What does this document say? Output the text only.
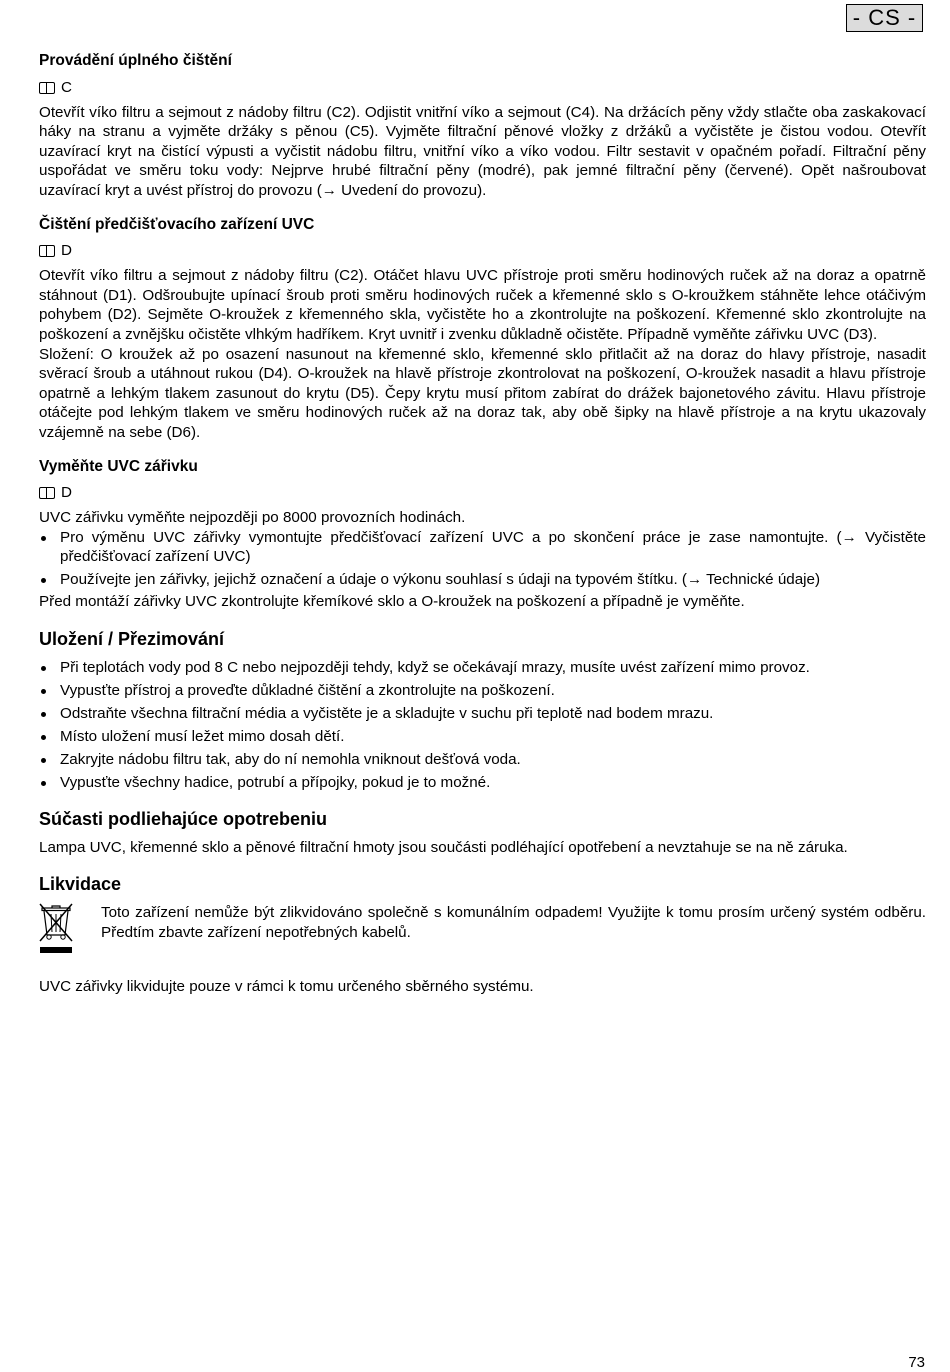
- CS -
Provádění úplného čištění
C

Otevřít víko filtru a sejmout z nádoby filtru (C2). Odjistit vnitřní víko a sejmout (C4). Na držácích pěny vždy stlačte oba zaskakovací háky na stranu a vyjměte držáky s pěnou (C5). Vyjměte filtrační pěnové vložky z držáků a vyčistěte je čistou vodou. Otevřít uzavírací kryt na čistící výpusti a vyčistit nádobu filtru, vnitřní víko a víko vodou. Filtr sestavit v opačném pořadí. Filtrační pěny uspořádat ve směru toku vody: Nejprve hrubé filtrační pěny (modré), pak jemné filtrační pěny (červené). Opět našroubovat uzavírací kryt a uvést přístroj do provozu (→ Uvedení do provozu).

Čištění předčišťovacího zařízení UVC
D

Otevřít víko filtru a sejmout z nádoby filtru (C2). Otáčet hlavu UVC přístroje proti směru hodinových ruček až na doraz a opatrně stáhnout (D1). Odšroubujte upínací šroub proti směru hodinových ruček a křemenné sklo s O-kroužkem stáhněte lehce otáčivým pohybem (D2). Sejměte O-kroužek z křemenného skla, vyčistěte ho a zkontrolujte na poškození. Křemenné sklo zkontrolujte na poškození a zvnějšku očistěte vlhkým hadříkem. Kryt uvnitř i zvenku důkladně očistěte. Případně vyměňte zářivku UVC (D3).

Složení: O kroužek až po osazení nasunout na křemenné sklo, křemenné sklo přitlačit až na doraz do hlavy přístroje, nasadit svěrací šroub a utáhnout rukou (D4). O-kroužek na hlavě přístroje zkontrolovat na poškození, O-kroužek nasadit a hlavu přístroje opatrně a lehkým tlakem zasunout do krytu (D5). Čepy krytu musí přitom zabírat do drážek bajonetového závitu. Hlavu přístroje otáčejte pod lehkým tlakem ve směru hodinových ruček až na doraz tak, aby obě šipky na hlavě přístroje a na krytu ukazovaly vzájemně na sebe (D6).

Vyměňte UVC zářivku
D

UVC zářivku vyměňte nejpozději po 8000 provozních hodinách.

Pro výměnu UVC zářivky vymontujte předčišťovací zařízení UVC a po skončení práce je zase namontujte. (→ Vyčistěte předčišťovací zařízení UVC)
Používejte jen zářivky, jejichž označení a údaje o výkonu souhlasí s údaji na typovém štítku. (→ Technické údaje)

Před montáží zářivky UVC zkontrolujte křemíkové sklo a O-kroužek na poškození a případně je vyměňte.

Uložení / Přezimování
Při teplotách vody pod 8 C nebo nejpozději tehdy, když se očekávají mrazy, musíte uvést zařízení mimo provoz.
Vypusťte přístroj a proveďte důkladné čištění a zkontrolujte na poškození.
Odstraňte všechna filtrační média a vyčistěte je a skladujte v suchu při teplotě nad bodem mrazu.
Místo uložení musí ležet mimo dosah dětí.
Zakryjte nádobu filtru tak, aby do ní nemohla vniknout dešťová voda.
Vypusťte všechny hadice, potrubí a přípojky, pokud je to možné.
Súčasti podliehajúce opotrebeniu

Lampa UVC, křemenné sklo a pěnové filtrační hmoty jsou součásti podléhající opotřebení a nevztahuje se na ně záruka.

Likvidace

Toto zařízení nemůže být zlikvidováno společně s komunálním odpadem! Využijte k tomu prosím určený systém odběru. Předtím zbavte zařízení nepotřebných kabelů.

UVC zářivky likvidujte pouze v rámci k tomu určeného sběrného systému.

73
